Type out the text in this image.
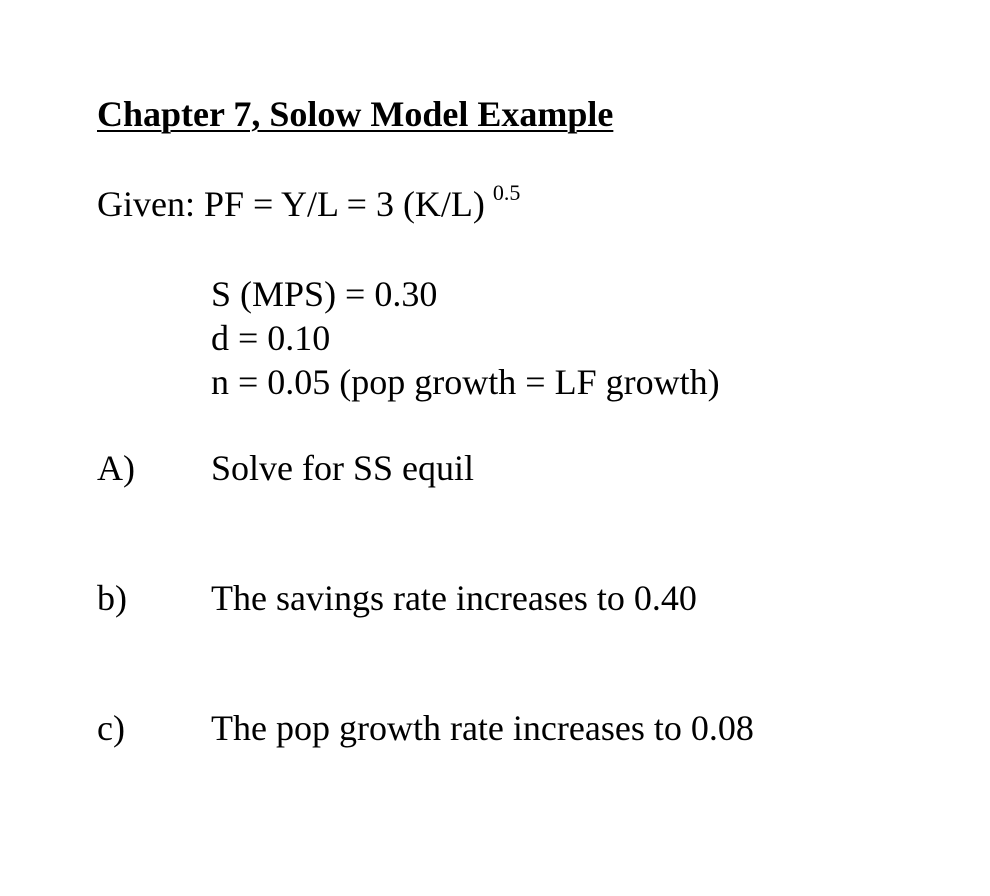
Chapter 7, Solow Model Example
Given: PF = Y/L = 3 (K/L) $^{0.5}$
S (MPS) = 0.30
d = 0.10
n = 0.05 (pop growth = LF growth)
A) Solve for SS equil
b) The savings rate increases to 0.40
c) The pop growth rate increases to 0.08
